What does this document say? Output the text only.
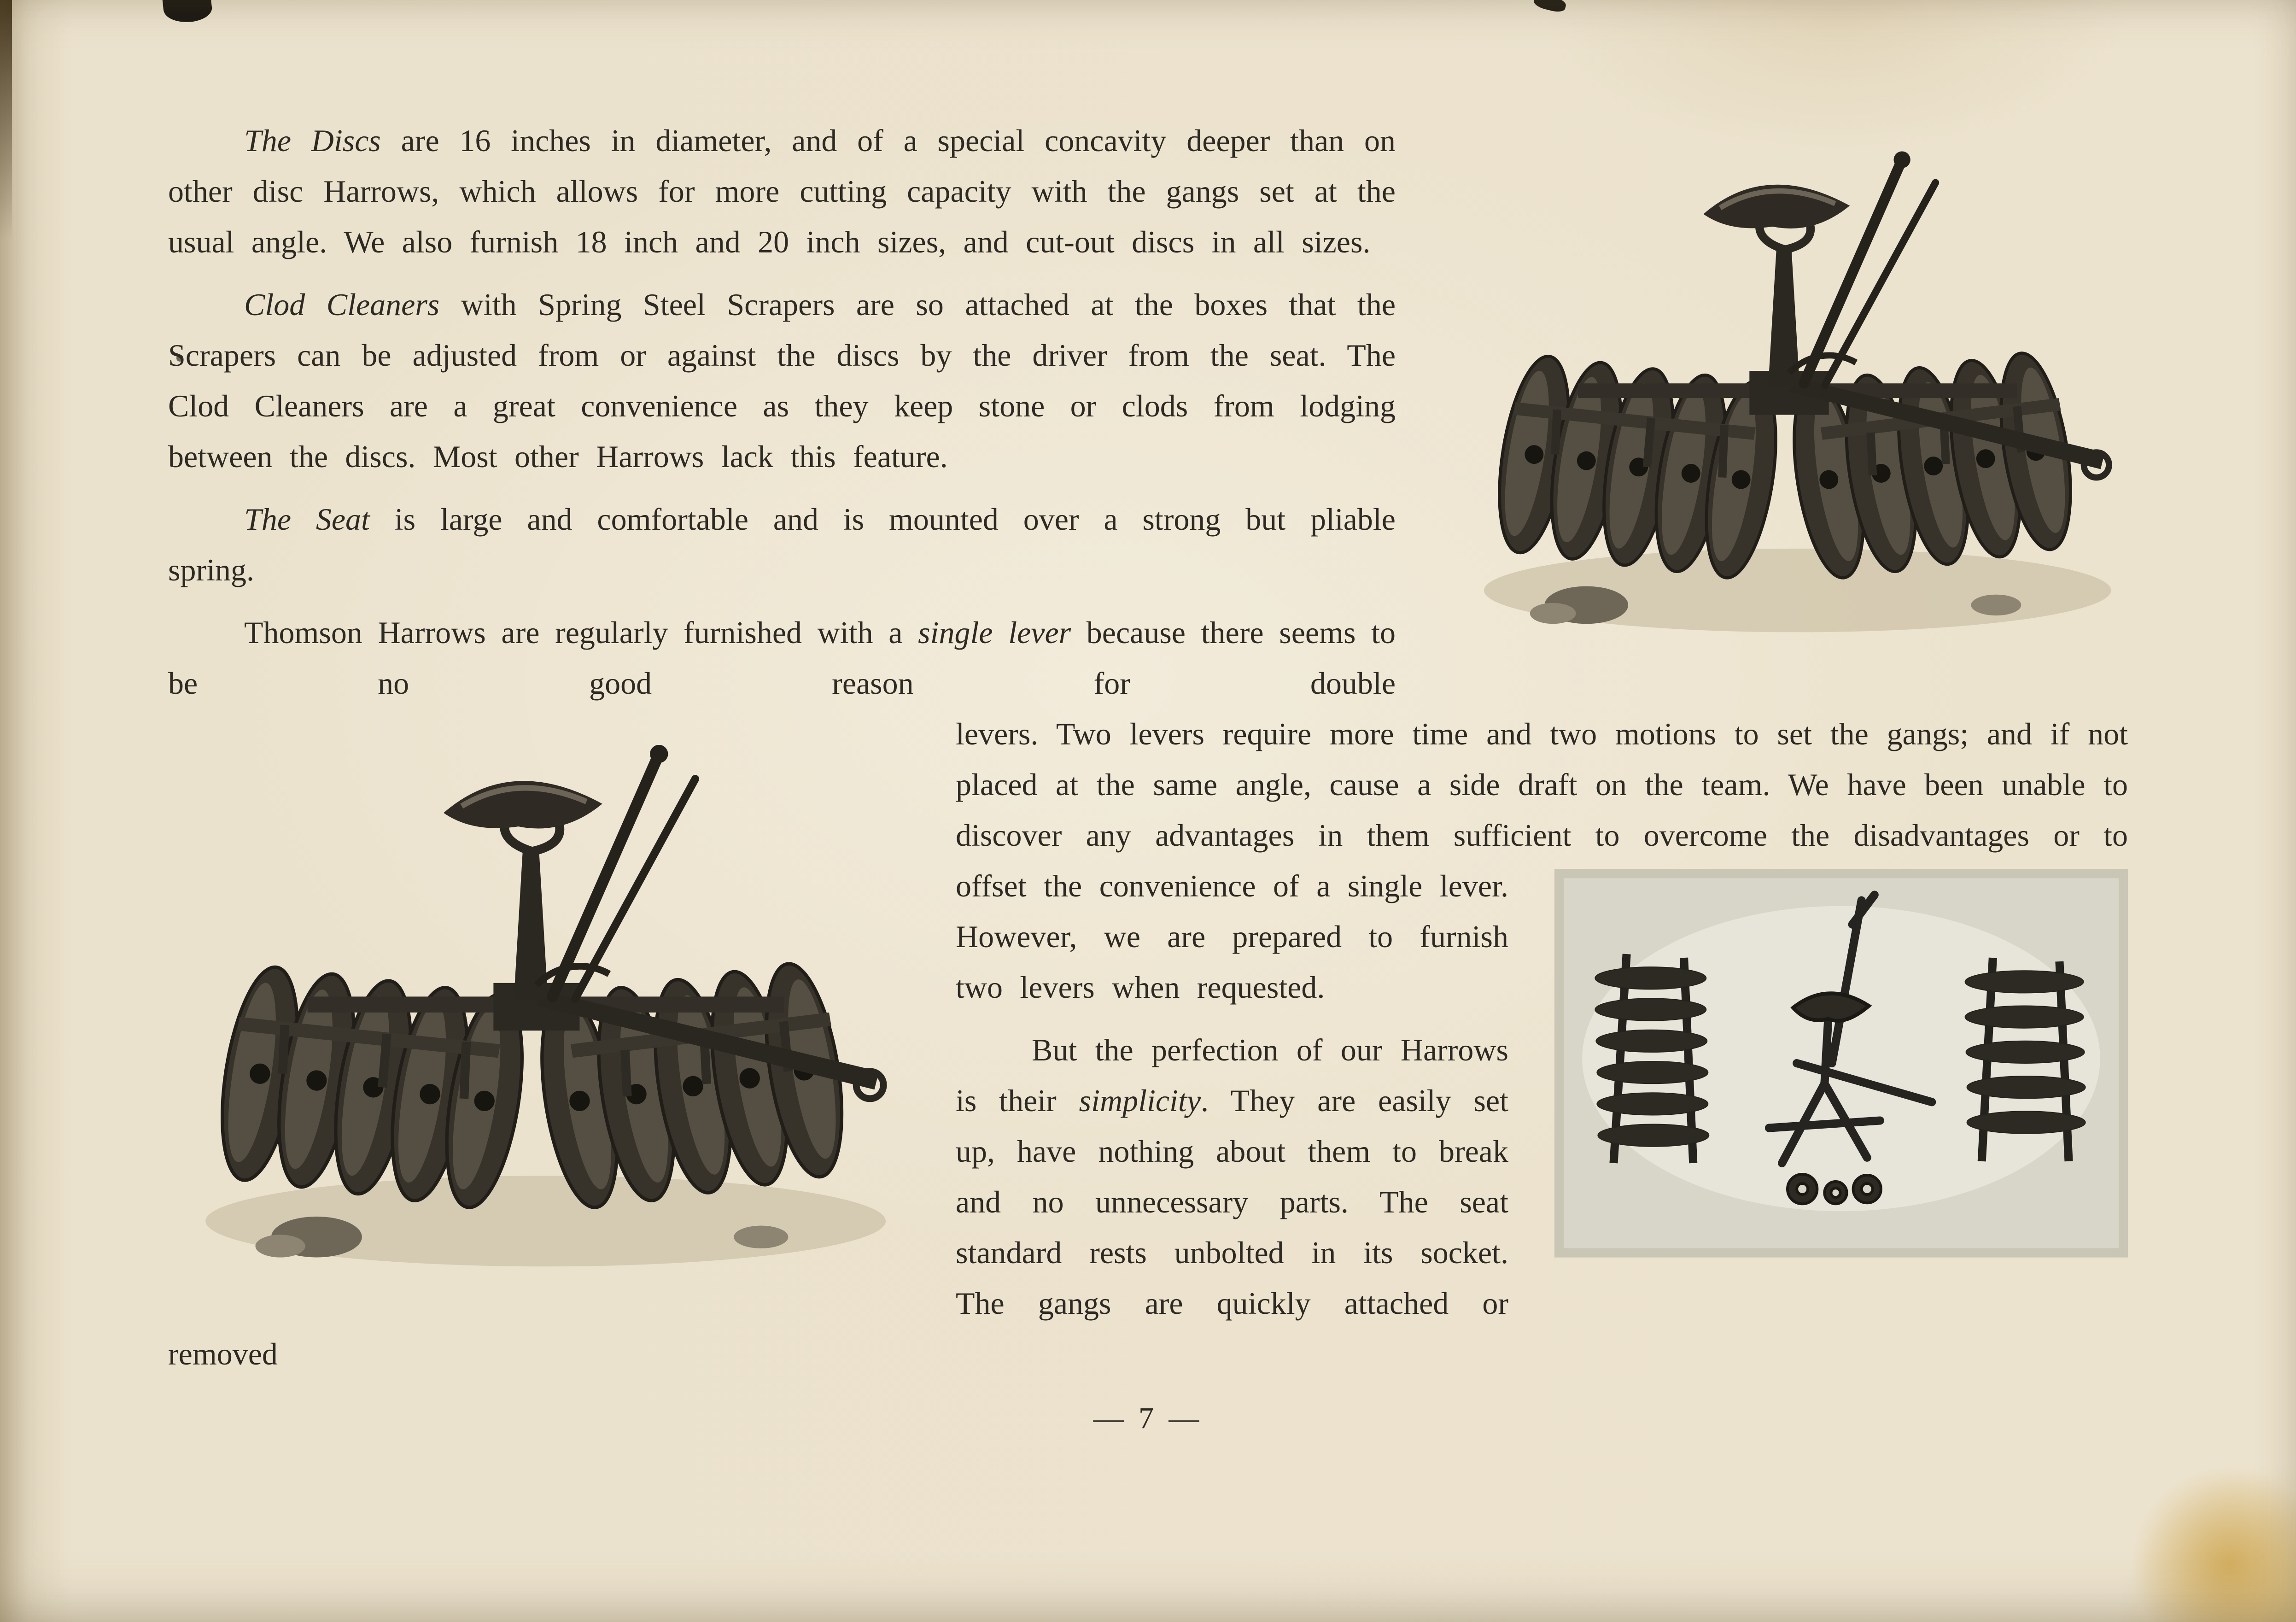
The Discs are 16 inches in diameter, and of a special concavity deeper than on other disc Harrows, which allows for more cutting capacity with the gangs set at the usual angle. We also furnish 18 inch and 20 inch sizes, and cut-out discs in all sizes.

Clod Cleaners with Spring Steel Scrapers are so attached at the boxes that the Scrapers can be adjusted from or against the discs by the driver from the seat. The Clod Cleaners are a great convenience as they keep stone or clods from lodging between the discs. Most other Harrows lack this feature.

The Seat is large and comfortable and is mounted over a strong but pliable spring.

Thomson Harrows are regularly furnished with a single lever because there seems to be no good reason for double

levers. Two levers require more time and two motions to set the gangs; and if not placed at the same angle, cause a side draft on the team. We have been unable to discover any advantages in them sufficient to overcome the disadvantages or to offset the convenience of a single lever.
However, we are prepared to furnish two levers when requested.

But the perfection of our Harrows is their simplicity. They are easily set up, have nothing about them to break and no unnecessary parts. The seat standard rests unbolted in its socket. The gangs are quickly attached or removed

— 7 —
